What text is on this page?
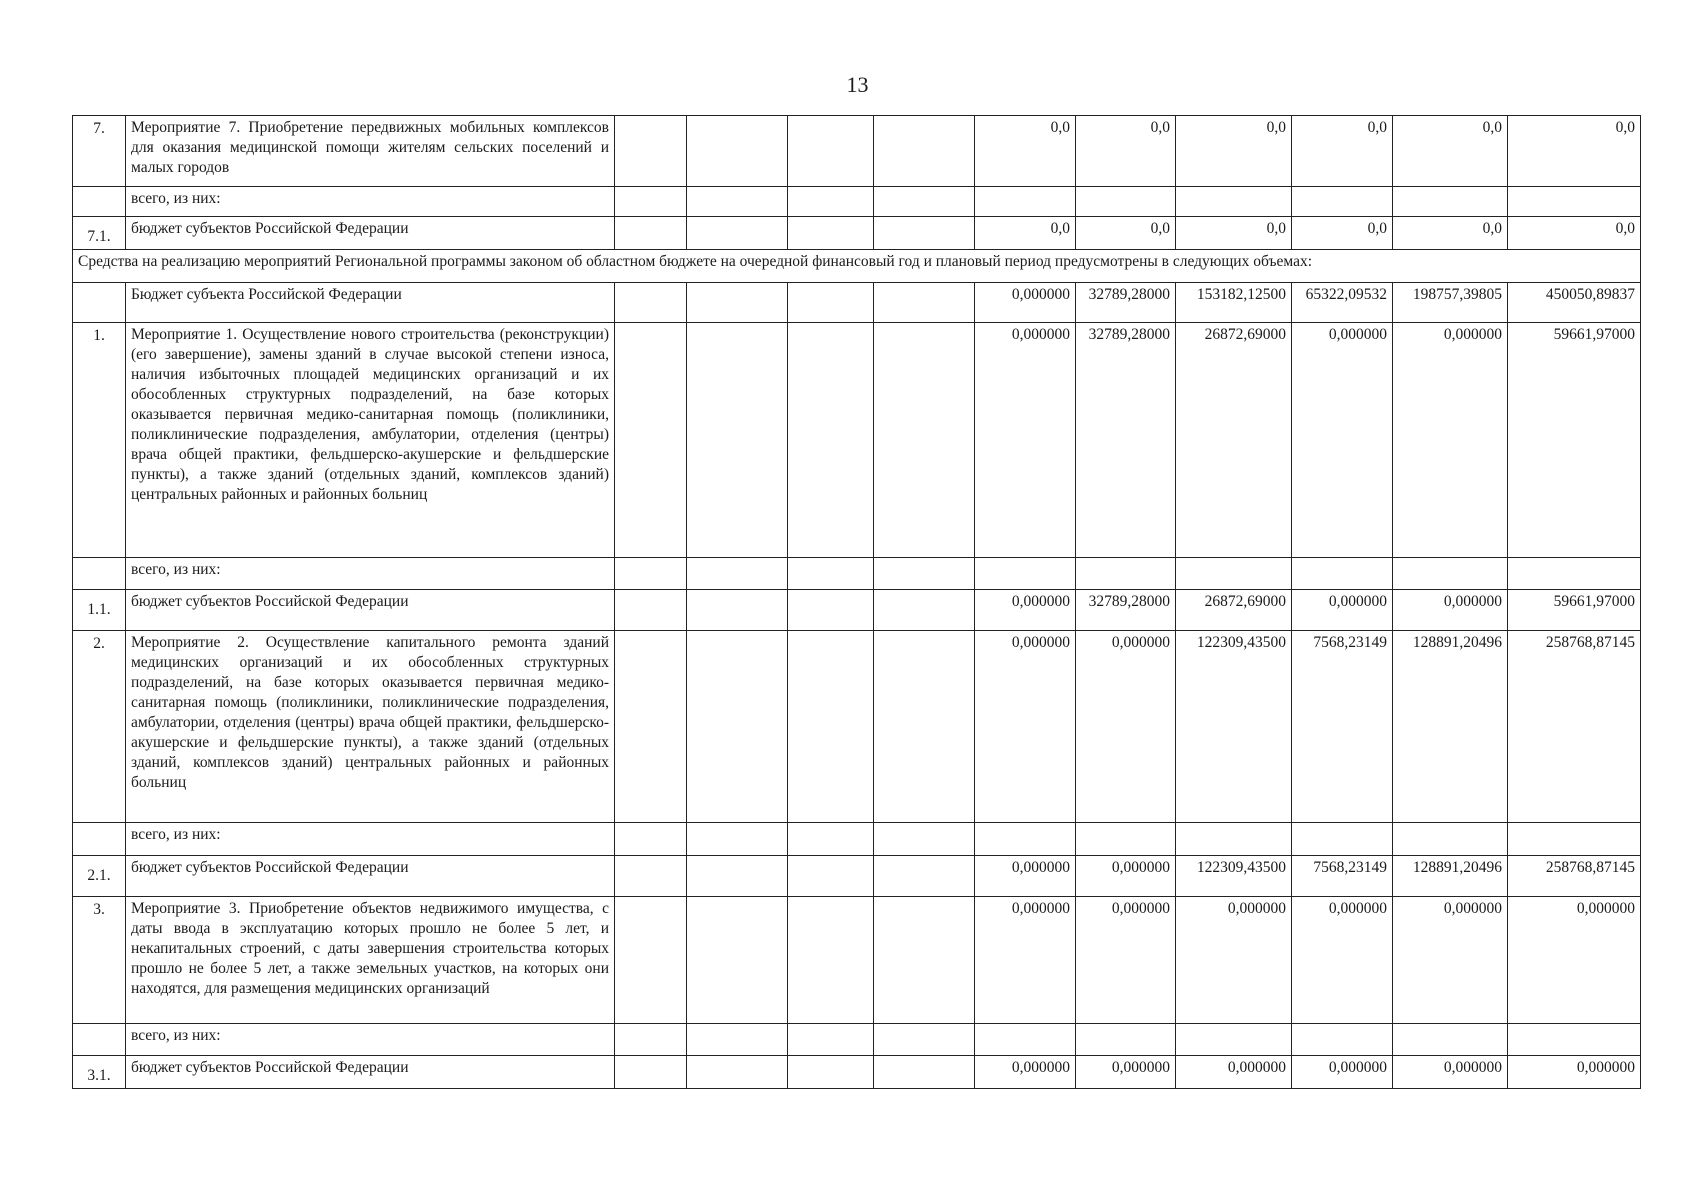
13
7.	Мероприятие 7. Приобретение передвижных мобильных комплексов для оказания медицинской помощи жителям сельских поселений и малых городов					0,0	0,0	0,0	0,0	0,0	0,0
	всего, из них:										
7.1.	бюджет субъектов Российской Федерации					0,0	0,0	0,0	0,0	0,0	0,0
Средства на реализацию мероприятий Региональной программы законом об областном бюджете на очередной финансовый год и плановый период предусмотрены в следующих объемах:											
	Бюджет субъекта Российской Федерации					0,000000	32789,28000	153182,12500	65322,09532	198757,39805	450050,89837
1.	Мероприятие 1. Осуществление нового строительства (реконструкции) (его завершение), замены зданий в случае высокой степени износа, наличия избыточных площадей медицинских организаций и их обособленных структурных подразделений, на базе которых оказывается первичная медико-санитарная помощь (поликлиники, поликлинические подразделения, амбулатории, отделения (центры) врача общей практики, фельдшерско-акушерские и фельдшерские пункты), а также зданий (отдельных зданий, комплексов зданий) центральных районных и районных больниц					0,000000	32789,28000	26872,69000	0,000000	0,000000	59661,97000
	всего, из них:										
1.1.	бюджет субъектов Российской Федерации					0,000000	32789,28000	26872,69000	0,000000	0,000000	59661,97000
2.	Мероприятие 2. Осуществление капитального ремонта зданий медицинских организаций и их обособленных структурных подразделений, на базе которых оказывается первичная медико-санитарная помощь (поликлиники, поликлинические подразделения, амбулатории, отделения (центры) врача общей практики, фельдшерско-акушерские и фельдшерские пункты), а также зданий (отдельных зданий, комплексов зданий) центральных районных и районных больниц					0,000000	0,000000	122309,43500	7568,23149	128891,20496	258768,87145
	всего, из них:										
2.1.	бюджет субъектов Российской Федерации					0,000000	0,000000	122309,43500	7568,23149	128891,20496	258768,87145
3.	Мероприятие 3. Приобретение объектов недвижимого имущества, с даты ввода в эксплуатацию которых прошло не более 5 лет, и некапитальных строений, с даты завершения строительства которых прошло не более 5 лет, а также земельных участков, на которых они находятся, для размещения медицинских организаций					0,000000	0,000000	0,000000	0,000000	0,000000	0,000000
	всего, из них:										
3.1.	бюджет субъектов Российской Федерации					0,000000	0,000000	0,000000	0,000000	0,000000	0,000000
